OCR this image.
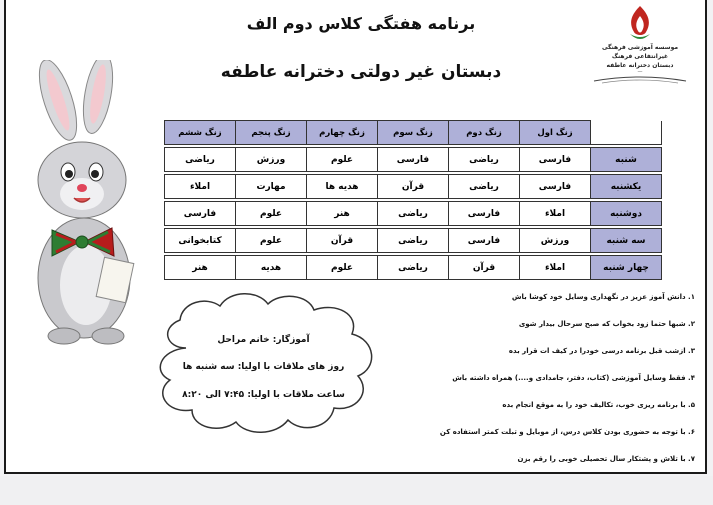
موسسه آموزشی فرهنگی
غیرانتفاعی فرهنگ
دبستان دخترانه عاطفه
—
برنامه هفتگی کلاس دوم الف
دبستان غیر دولتی دخترانه عاطفه
	زنگ اول	زنگ دوم	زنگ سوم	زنگ چهارم	زنگ پنجم	زنگ ششم

شنبه	فارسی	ریاضی	فارسی	علوم	ورزش	ریاضی

یکشنبه	فارسی	ریاضی	قرآن	هدیه ها	مهارت	املاء

دوشنبه	املاء	فارسی	ریاضی	هنر	علوم	فارسی

سه شنبه	ورزش	فارسی	ریاضی	قرآن	علوم	کتابخوانی

چهار شنبه	املاء	قرآن	ریاضی	علوم	هدیه	هنر
آموزگار: خانم مراحل
روز های ملاقات با اولیا: سه شنبه ها
ساعت ملاقات با اولیا: ۷:۴۵ الی ۸:۲۰
۱. دانش آموز عزیز در نگهداری وسایل خود کوشا باش
۲. شبها حتما زود بخواب که صبح سرحال بیدار شوی
۳. ازشب قبل برنامه درسی خودرا در کیف ات قرار بده
۴. فقط وسایل آموزشی (کتاب، دفتر، جامدادی و....) همراه داشته باش
۵. با برنامه ریزی خوب، تکالیف خود را به موقع انجام بده
۶. با توجه به حضوری بودن کلاس درس، از موبایل و تبلت کمتر استفاده کن
۷. با تلاش و پشتکار سال تحصیلی خوبی را رقم بزن
